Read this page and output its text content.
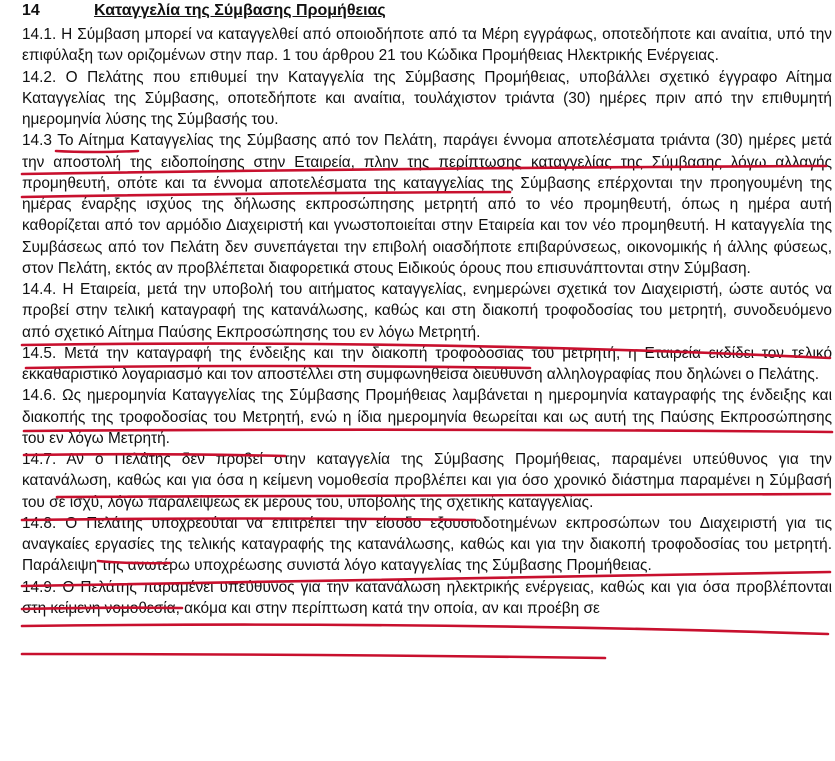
14	Καταγγελία της Σύμβασης Προμήθειας

14.1. Η Σύμβαση μπορεί να καταγγελθεί από οποιοδήποτε από τα Μέρη εγγράφως, οποτεδήποτε και αναίτια, υπό την επιφύλαξη των οριζομένων στην παρ. 1 του άρθρου 21 του Κώδικα Προμήθειας Ηλεκτρικής Ενέργειας.

14.2. Ο Πελάτης που επιθυμεί την Καταγγελία της Σύμβασης Προμήθειας, υποβάλλει σχετικό έγγραφο Αίτημα Καταγγελίας της Σύμβασης, οποτεδήποτε και αναίτια, τουλάχιστον τριάντα (30) ημέρες πριν από την επιθυμητή ημερομηνία λύσης της Σύμβασής του.

14.3 Το Αίτημα Καταγγελίας της Σύμβασης από τον Πελάτη, παράγει έννομα αποτελέσματα τριάντα (30) ημέρες μετά την αποστολή της ειδοποίησης στην Εταιρεία, πλην της περίπτωσης καταγγελίας της Σύμβασης λόγω αλλαγής προμηθευτή, οπότε και τα έννομα αποτελέσματα της καταγγελίας της Σύμβασης επέρχονται την προηγουμένη της ημέρας έναρξης ισχύος της δήλωσης εκπροσώπησης μετρητή από το νέο προμηθευτή, όπως η ημέρα αυτή καθορίζεται από τον αρμόδιο Διαχειριστή και γνωστοποιείται στην Εταιρεία και τον νέο προμηθευτή. Η καταγγελία της Συμβάσεως από τον Πελάτη δεν συνεπάγεται την επιβολή οιασδήποτε επιβαρύνσεως, οικονομικής ή άλλης φύσεως, στον Πελάτη, εκτός αν προβλέπεται διαφορετικά στους Ειδικούς όρους που επισυνάπτονται στην Σύμβαση.

14.4. Η Εταιρεία, μετά την υποβολή του αιτήματος καταγγελίας, ενημερώνει σχετικά τον Διαχειριστή, ώστε αυτός να προβεί στην τελική καταγραφή της κατανάλωσης, καθώς και στη διακοπή τροφοδοσίας του μετρητή, συνοδευόμενο από σχετικό Αίτημα Παύσης Εκπροσώπησης του εν λόγω Μετρητή.

14.5. Μετά την καταγραφή της ένδειξης και την διακοπή τροφοδοσίας του μετρητή, η Εταιρεία εκδίδει τον τελικό εκκαθαριστικό λογαριασμό και τον αποστέλλει στη συμφωνηθείσα διεύθυνση αλληλογραφίας που δηλώνει ο Πελάτης.

14.6. Ως ημερομηνία Καταγγελίας της Σύμβασης Προμήθειας λαμβάνεται η ημερομηνία καταγραφής της ένδειξης και διακοπής της τροφοδοσίας του Μετρητή, ενώ η ίδια ημερομηνία θεωρείται και ως αυτή της Παύσης Εκπροσώπησης του εν λόγω Μετρητή.

14.7. Αν ο Πελάτης δεν προβεί στην καταγγελία της Σύμβασης Προμήθειας, παραμένει υπεύθυνος για την κατανάλωση, καθώς και για όσα η κείμενη νομοθεσία προβλέπει και για όσο χρονικό διάστημα παραμένει η Σύμβασή του σε ισχύ, λόγω παραλείψεως εκ μέρους του, υποβολής της σχετικής καταγγελίας.

14.8. Ο Πελάτης υποχρεούται να επιτρέπει την είσοδο εξουσιοδοτημένων εκπροσώπων του Διαχειριστή για τις αναγκαίες εργασίες της τελικής καταγραφής της κατανάλωσης, καθώς και για την διακοπή τροφοδοσίας του μετρητή. Παράλειψη της ανωτέρω υποχρέωσης συνιστά λόγο καταγγελίας της Σύμβασης Προμήθειας.

14.9. Ο Πελάτης παραμένει υπεύθυνος για την κατανάλωση ηλεκτρικής ενέργειας, καθώς και για όσα προβλέπονται στη κείμενη νομοθεσία, ακόμα και στην περίπτωση κατά την οποία, αν και προέβη σε
